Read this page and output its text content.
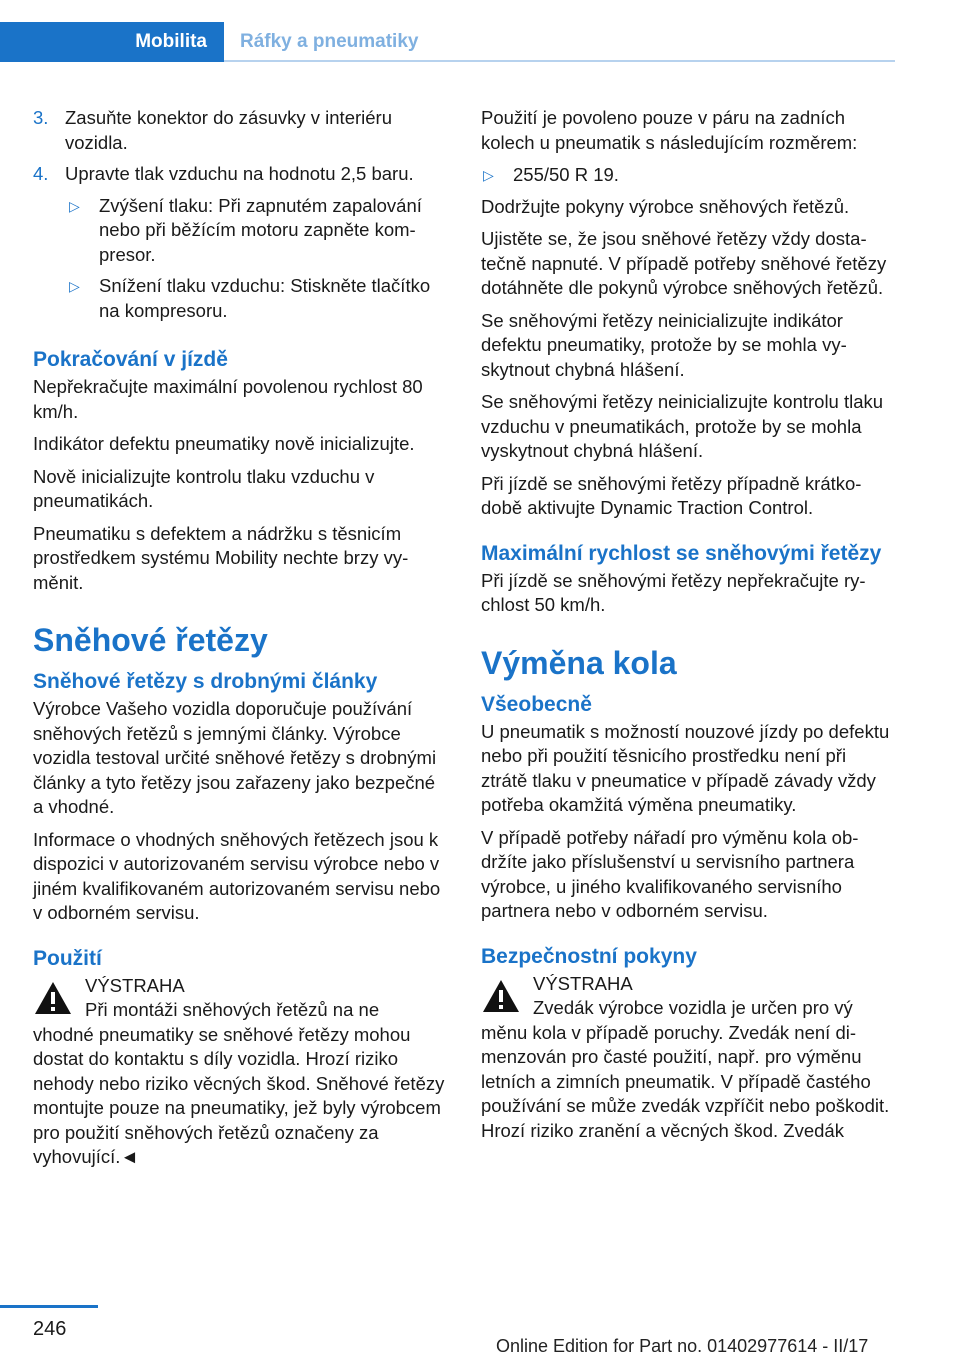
Mobilita	Ráfky a pneumatiky
3. Zasuňte konektor do zásuvky v interiéru vozidla.
4. Upravte tlak vzduchu na hodnotu 2,5 baru.
▷	Zvýšení tlaku: Při zapnutém zapalování nebo při běžícím motoru zapněte kompresor.
▷	Snížení tlaku vzduchu: Stiskněte tlačítko na kompresoru.
Pokračování v jízdě

Nepřekračujte maximální povolenou rychlost 80 km/h.

Indikátor defektu pneumatiky nově inicializujte.

Nově inicializujte kontrolu tlaku vzduchu v pneumatikách.

Pneumatiku s defektem a nádržku s těsnicím prostředkem systému Mobility nechte brzy vyměnit.

Sněhové řetězy
Sněhové řetězy s drobnými články

Výrobce Vašeho vozidla doporučuje používání sněhových řetězů s jemnými články. Výrobce vozidla testoval určité sněhové řetězy s drobnými články a tyto řetězy jsou zařazeny jako bezpečné a vhodné.

Informace o vhodných sněhových řetězech jsou k dispozici v autorizovaném servisu výrobce nebo v jiném kvalifikovaném autorizovaném servisu nebo v odborném servisu.

Použití

VÝSTRAHA

Při montáži sněhových řetězů na ne

vhodné pneumatiky se sněhové řetězy mohou dostat do kontaktu s díly vozidla. Hrozí riziko nehody nebo riziko věcných škod. Sněhové řetězy montujte pouze na pneumatiky, jež byly výrobcem pro použití sněhových řetězů označeny za vyhovující.◄

Použití je povoleno pouze v páru na zadních kolech u pneumatik s následujícím rozměrem:

▷	255/50 R 19.

Dodržujte pokyny výrobce sněhových řetězů.

Ujistěte se, že jsou sněhové řetězy vždy dostatečně napnuté. V případě potřeby sněhové řetězy dotáhněte dle pokynů výrobce sněhových řetězů.

Se sněhovými řetězy neinicializujte indikátor defektu pneumatiky, protože by se mohla vyskytnout chybná hlášení.

Se sněhovými řetězy neinicializujte kontrolu tlaku vzduchu v pneumatikách, protože by se mohla vyskytnout chybná hlášení.

Při jízdě se sněhovými řetězy případně krátkodobě aktivujte Dynamic Traction Control.

Maximální rychlost se sněhovými řetězy

Při jízdě se sněhovými řetězy nepřekračujte rychlost 50 km/h.

Výměna kola
Všeobecně

U pneumatik s možností nouzové jízdy po defektu nebo při použití těsnicího prostředku není při ztrátě tlaku v pneumatice v případě závady vždy potřeba okamžitá výměna pneumatiky.

V případě potřeby nářadí pro výměnu kola obdržíte jako příslušenství u servisního partnera výrobce, u jiného kvalifikovaného servisního partnera nebo v odborném servisu.

Bezpečnostní pokyny

VÝSTRAHA

Zvedák výrobce vozidla je určen pro vý

měnu kola v případě poruchy. Zvedák není dimenzován pro časté použití, např. pro výměnu letních a zimních pneumatik. V případě častého používání se může zvedák vzpříčit nebo poškodit. Hrozí riziko zranění a věcných škod. Zvedák

246
Online Edition for Part no. 01402977614 - II/17
